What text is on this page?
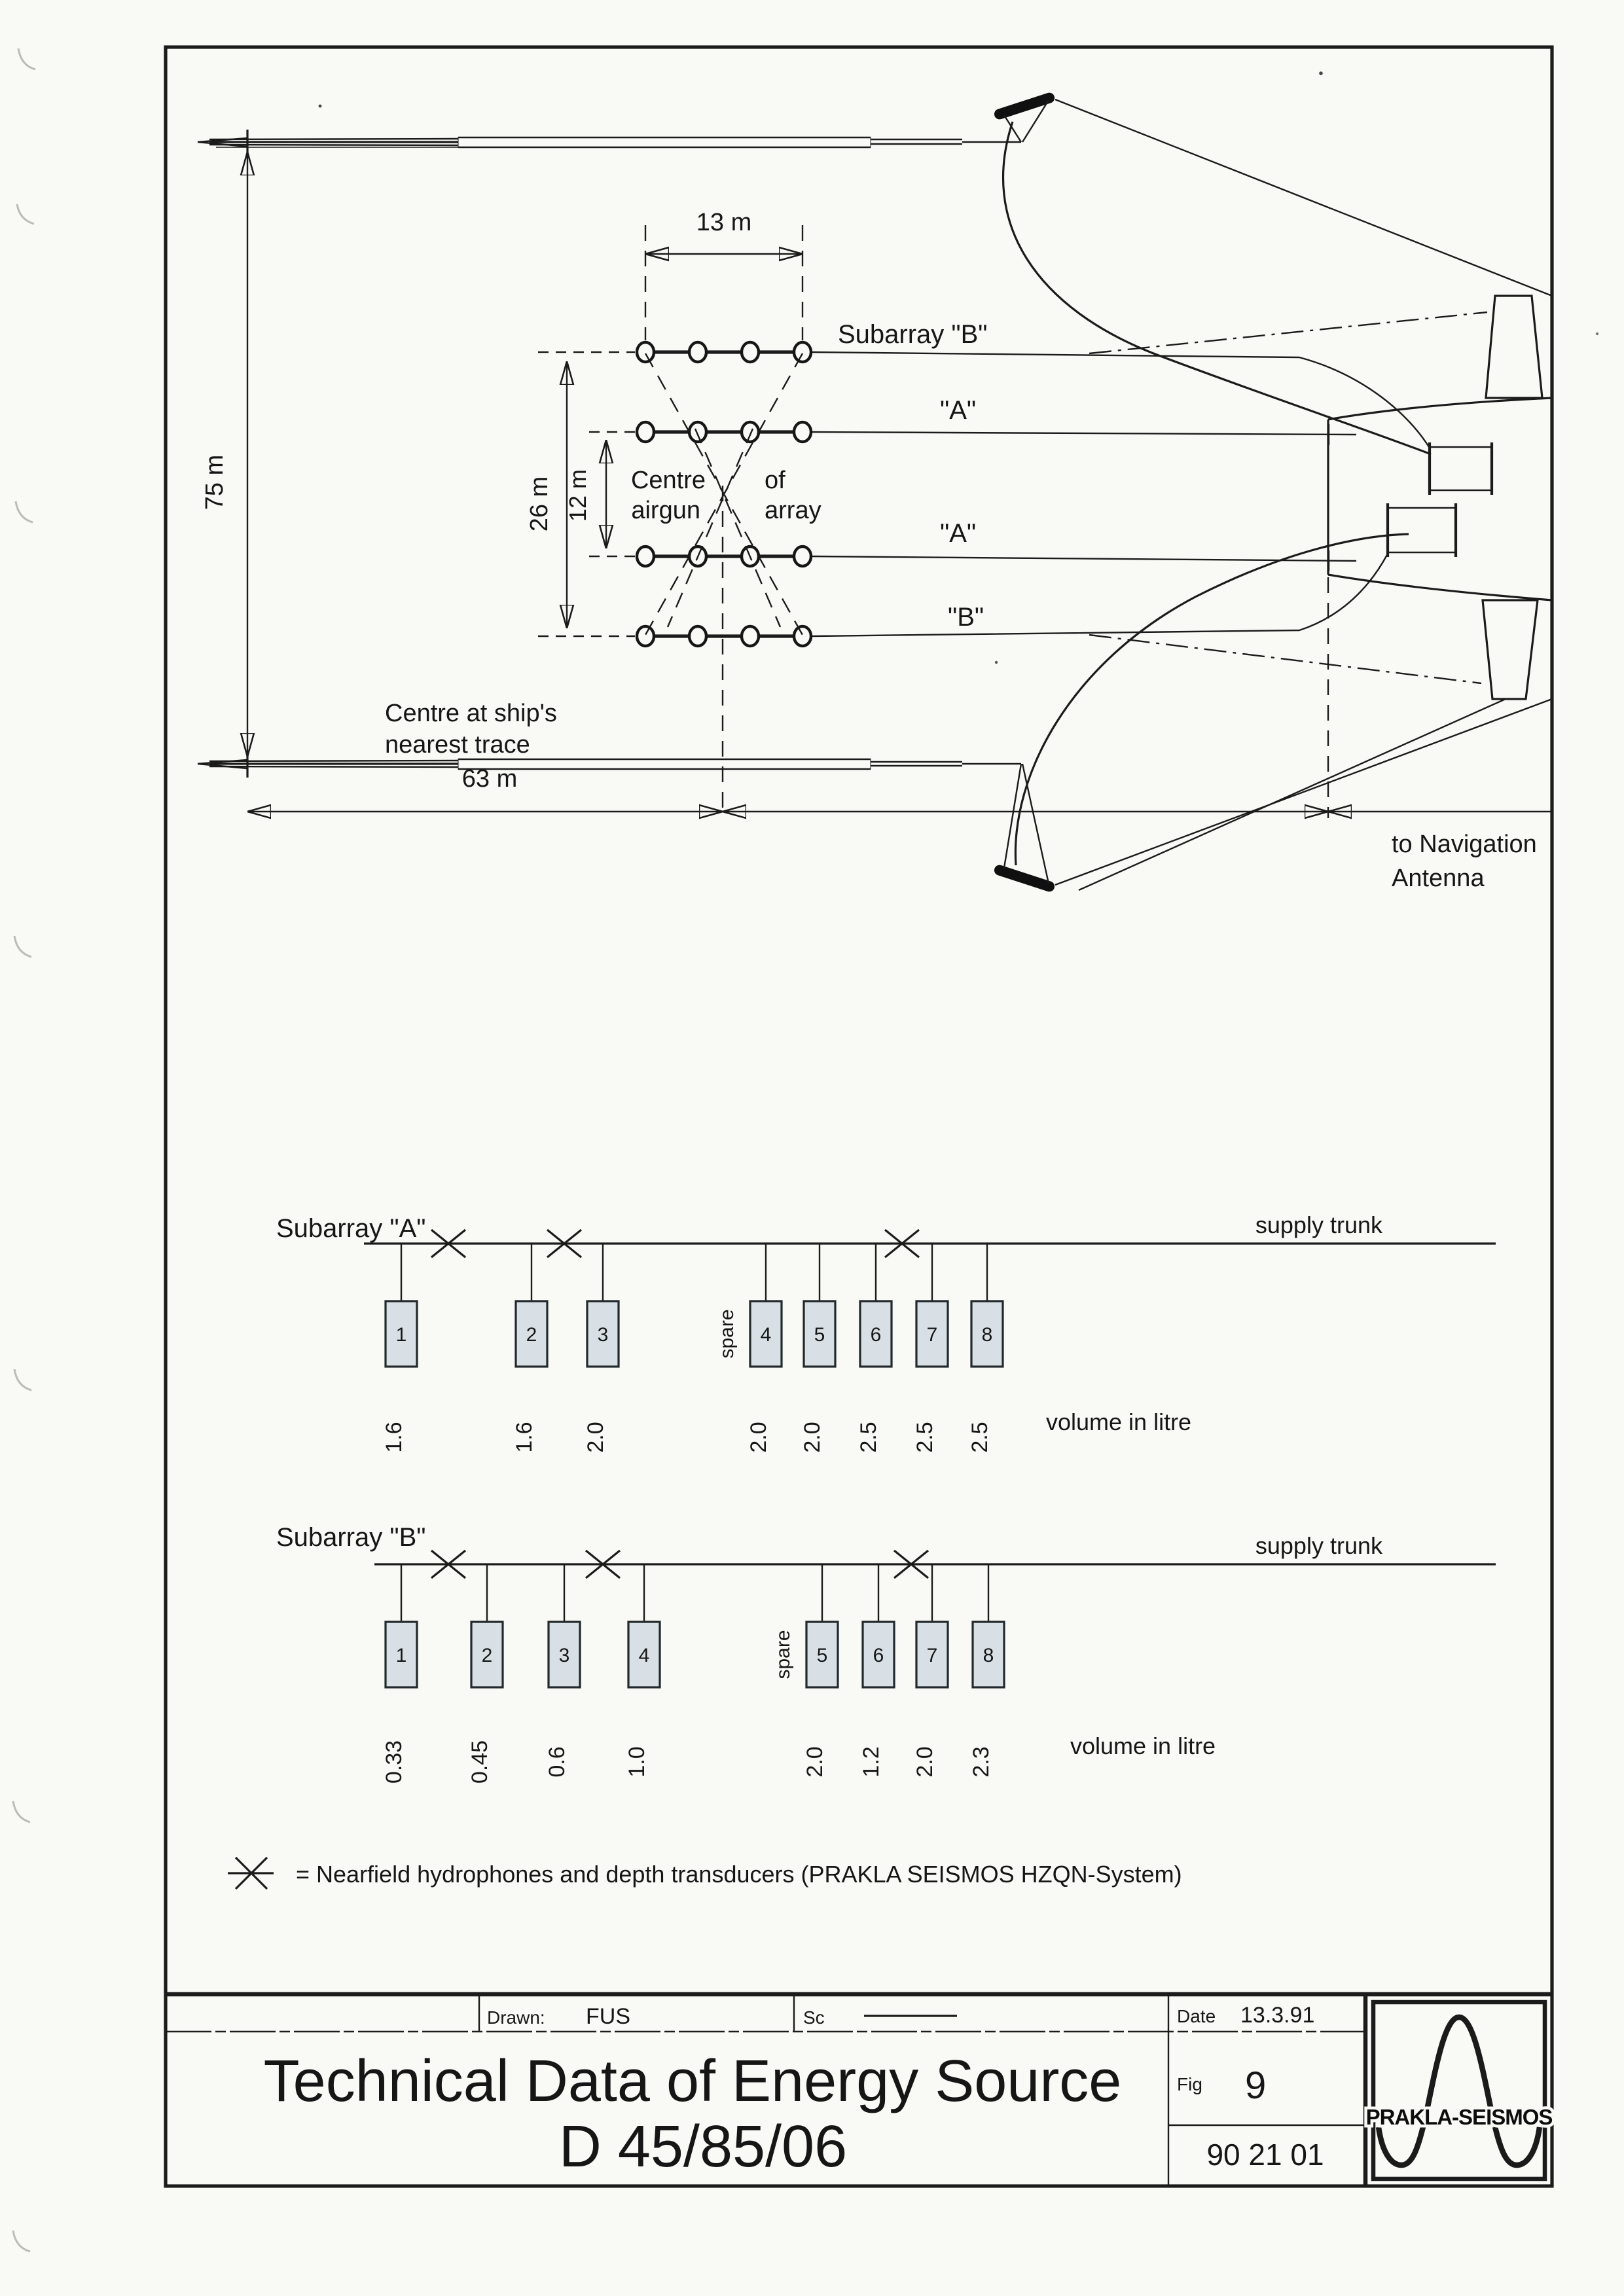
Subarray "B"
"A"
"A"
"B"
Centre of
airgun	array
13 m
75 m	26 m 12 m
Centre at ship's
nearest trace
63 m
to Navigation
Antenna
Subarray "A"	supply trunk
1
1.6
2
1.6
3
2.0
4
2.0
5
2.0
6
2.5
7
2.5
8
2.5
spare
volume in litre
Subarray "B"	supply trunk
1
0.33
2
0.45
3
0.6
4
1.0
5
2.0
6
1.2
7
2.0
8
2.3
spare
volume in litre
= Nearfield hydrophones and depth transducers (PRAKLA SEISMOS HZQN-System)
Drawn: FUS	Sc	Date 13.3.91
Technical Data of Energy Source
D 45/85/06
Fig 9
90 21 01
PRAKLA-SEISMOS
